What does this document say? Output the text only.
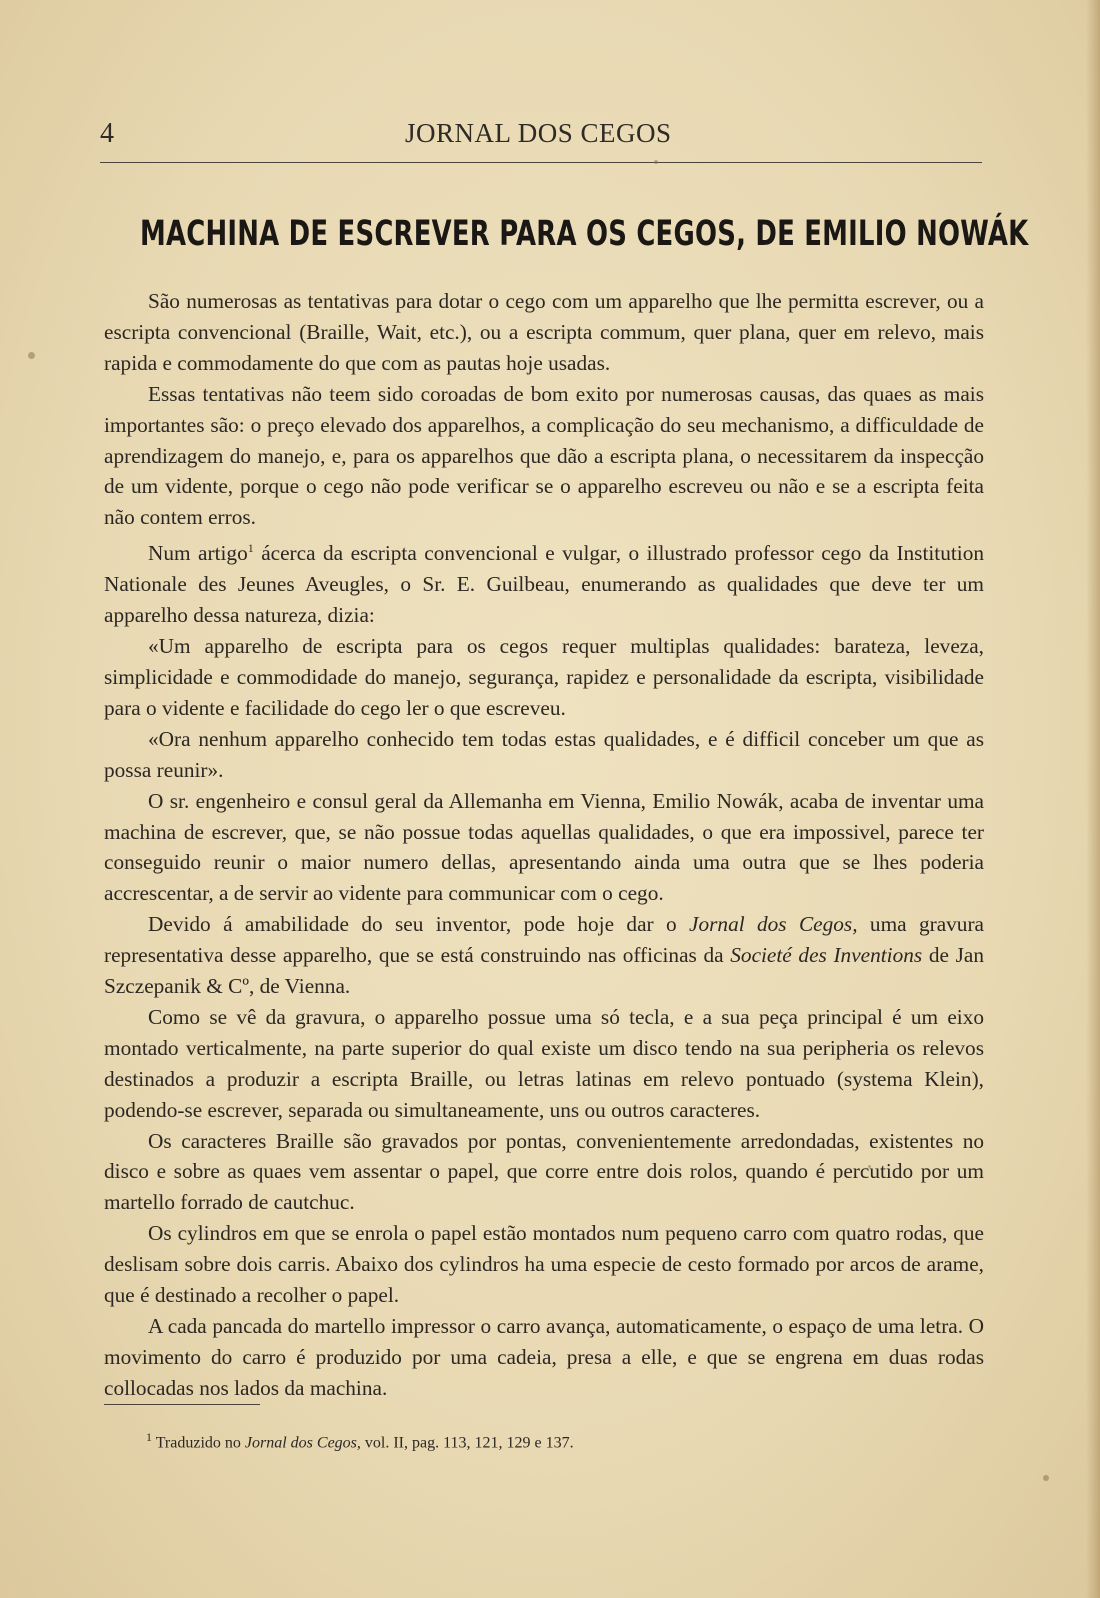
4	JORNAL DOS CEGOS
MACHINA DE ESCREVER PARA OS CEGOS, DE EMILIO NOWÁK

São numerosas as tentativas para dotar o cego com um apparelho que lhe permitta escrever, ou a escripta convencional (Braille, Wait, etc.), ou a escripta commum, quer plana, quer em relevo, mais rapida e commodamente do que com as pautas hoje usadas.

Essas tentativas não teem sido coroadas de bom exito por numerosas causas, das quaes as mais importantes são: o preço elevado dos apparelhos, a complicação do seu mechanismo, a difficuldade de aprendizagem do manejo, e, para os apparelhos que dão a escripta plana, o necessitarem da inspecção de um vidente, porque o cego não pode verificar se o apparelho escreveu ou não e se a escripta feita não contem erros.

Num artigo$^1$ ácerca da escripta convencional e vulgar, o illustrado professor cego da Institution Nationale des Jeunes Aveugles, o Sr. E. Guilbeau, enumerando as qualidades que deve ter um apparelho dessa natureza, dizia:

«Um apparelho de escripta para os cegos requer multiplas qualidades: barateza, leveza, simplicidade e commodidade do manejo, segurança, rapidez e personalidade da escripta, visibilidade para o vidente e facilidade do cego ler o que escreveu.

«Ora nenhum apparelho conhecido tem todas estas qualidades, e é difficil conceber um que as possa reunir».

O sr. engenheiro e consul geral da Allemanha em Vienna, Emilio Nowák, acaba de inventar uma machina de escrever, que, se não possue todas aquellas qualidades, o que era impossivel, parece ter conseguido reunir o maior numero dellas, apresentando ainda uma outra que se lhes poderia accrescentar, a de servir ao vidente para communicar com o cego.

Devido á amabilidade do seu inventor, pode hoje dar o Jornal dos Cegos, uma gravura representativa desse apparelho, que se está construindo nas officinas da Societé des Inventions de Jan Szczepanik & Cº, de Vienna.

Como se vê da gravura, o apparelho possue uma só tecla, e a sua peça principal é um eixo montado verticalmente, na parte superior do qual existe um disco tendo na sua peripheria os relevos destinados a produzir a escripta Braille, ou letras latinas em relevo pontuado (systema Klein), podendo-se escrever, separada ou simultaneamente, uns ou outros caracteres.

Os caracteres Braille são gravados por pontas, convenientemente arredondadas, existentes no disco e sobre as quaes vem assentar o papel, que corre entre dois rolos, quando é percutido por um martello forrado de cautchuc.

Os cylindros em que se enrola o papel estão montados num pequeno carro com quatro rodas, que deslisam sobre dois carris. Abaixo dos cylindros ha uma especie de cesto formado por arcos de arame, que é destinado a recolher o papel.

A cada pancada do martello impressor o carro avança, automaticamente, o espaço de uma letra. O movimento do carro é produzido por uma cadeia, presa a elle, e que se engrena em duas rodas collocadas nos lados da machina.

$^1$ Traduzido no Jornal dos Cegos, vol. II, pag. 113, 121, 129 e 137.
